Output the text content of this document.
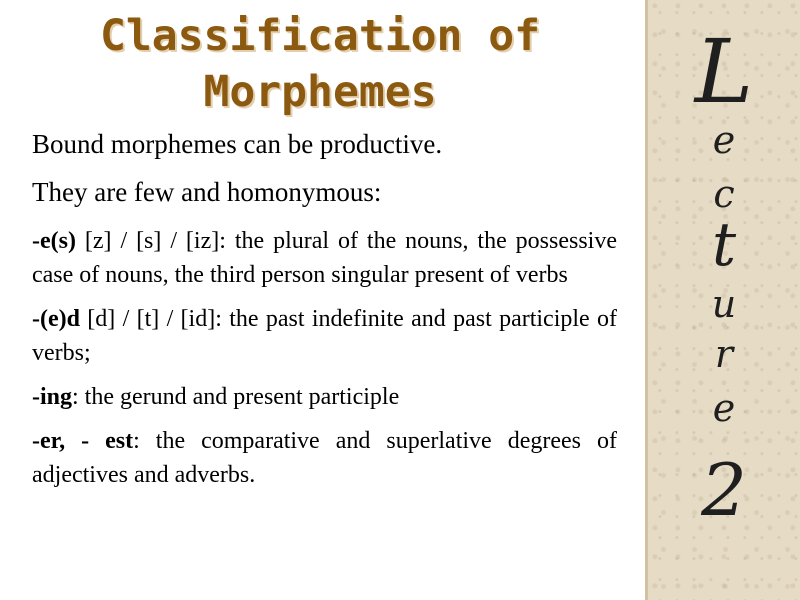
Classification of Morphemes

Bound morphemes can be productive.

They are few and homonymous:

-e(s) [z] / [s] / [iz]: the plural of the nouns, the possessive case of nouns, the third person singular present of verbs

-(e)d [d] / [t] / [id]: the past indefinite and past participle of verbs;

-ing: the gerund and present participle

-er, - est: the comparative and superlative degrees of adjectives and adverbs.

L
e
c
t
u
r
e
2
